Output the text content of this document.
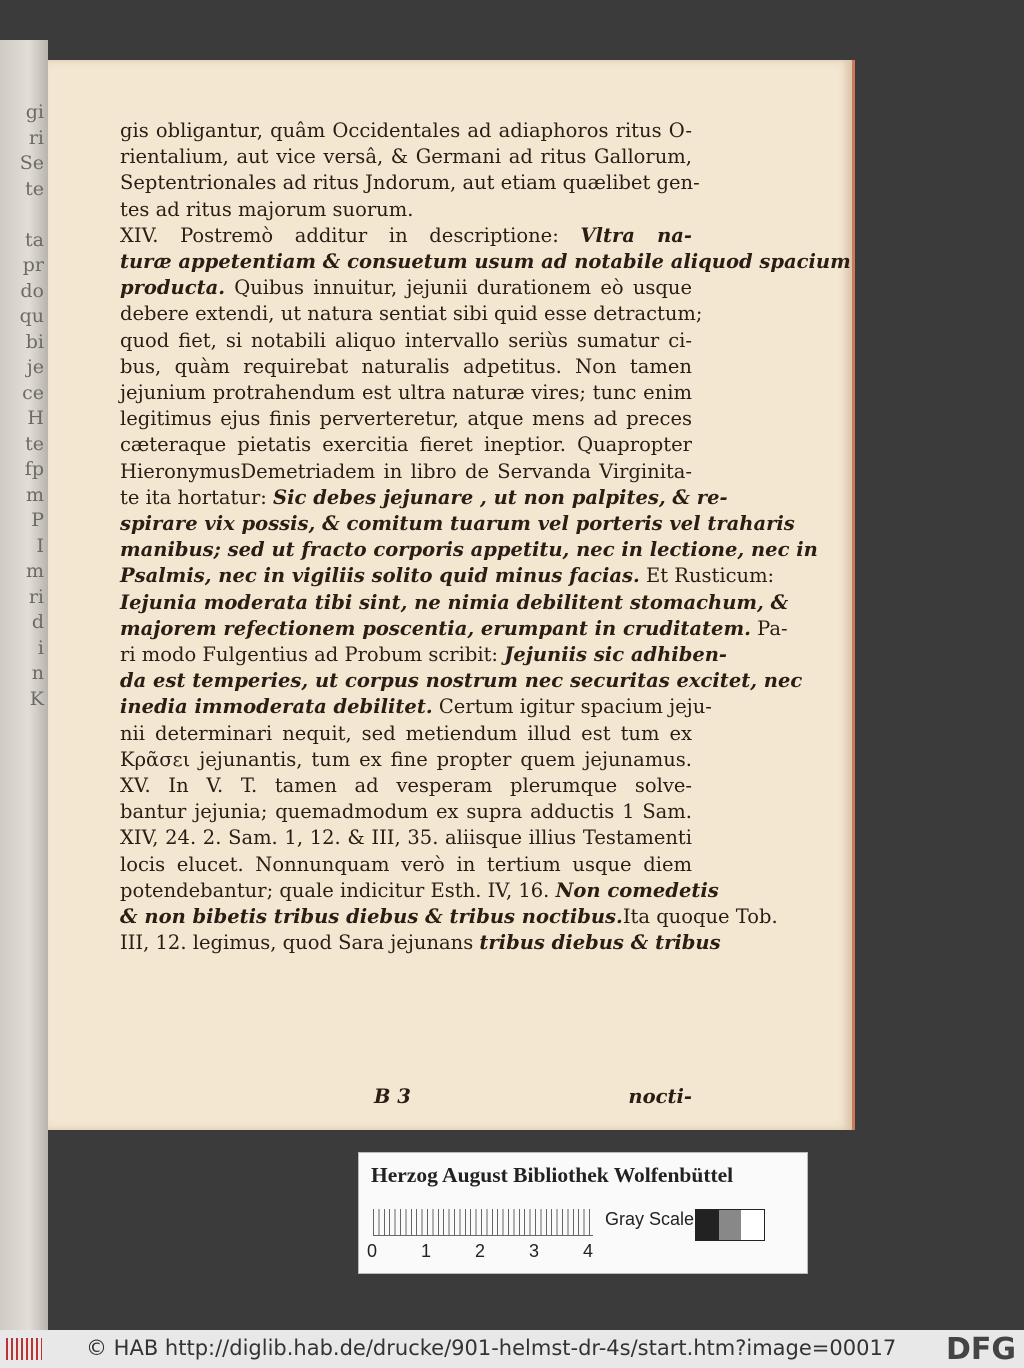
gi
ri
Se
te

ta
pr
do
qu
bi
je
ce
H
te
fp
m
P
I
m
ri
d
i
n
K
gis obligantur, quâm Occidentales ad adiaphoros ritus O-
rientalium, aut vice versâ, & Germani ad ritus Gallorum,
Septentrionales ad ritus Jndorum, aut etiam quælibet gen-
tes ad ritus majorum suorum.
XIV. Postremò additur in descriptione: Vltra na-
turæ appetentiam & consuetum usum ad notabile aliquod spacium
producta. Quibus innuitur, jejunii durationem eò usque
debere extendi, ut natura sentiat sibi quid esse detractum;
quod fiet, si notabili aliquo intervallo seriùs sumatur ci-
bus, quàm requirebat naturalis adpetitus. Non tamen
jejunium protrahendum est ultra naturæ vires; tunc enim
legitimus ejus finis perverteretur, atque mens ad preces
cæteraque pietatis exercitia fieret ineptior. Quapropter
HieronymusDemetriadem in libro de Servanda Virginita-
te ita hortatur: Sic debes jejunare , ut non palpites, & re-
spirare vix possis, & comitum tuarum vel porteris vel traharis
manibus; sed ut fracto corporis appetitu, nec in lectione, nec in
Psalmis, nec in vigiliis solito quid minus facias. Et Rusticum:
Iejunia moderata tibi sint, ne nimia debilitent stomachum, &
majorem refectionem poscentia, erumpant in cruditatem. Pa-
ri modo Fulgentius ad Probum scribit: Jejuniis sic adhiben-
da est temperies, ut corpus nostrum nec securitas excitet, nec
inedia immoderata debilitet. Certum igitur spacium jeju-
nii determinari nequit, sed metiendum illud est tum ex
Κρᾶσει jejunantis, tum ex fine propter quem jejunamus.
XV. In V. T. tamen ad vesperam plerumque solve-
bantur jejunia; quemadmodum ex supra adductis 1 Sam.
XIV, 24. 2. Sam. 1, 12. & III, 35. aliisque illius Testamenti
locis elucet. Nonnunquam verò in tertium usque diem
potendebantur; quale indicitur Esth. IV, 16. Non comedetis
& non bibetis tribus diebus & tribus noctibus.Ita quoque Tob.
III, 12. legimus, quod Sara jejunans tribus diebus & tribus
B 3	nocti-
Herzog August Bibliothek Wolfenbüttel
0 1 2 3 4
Gray Scale
© HAB http://diglib.hab.de/drucke/901-helmst-dr-4s/start.htm?image=00017 DFG
